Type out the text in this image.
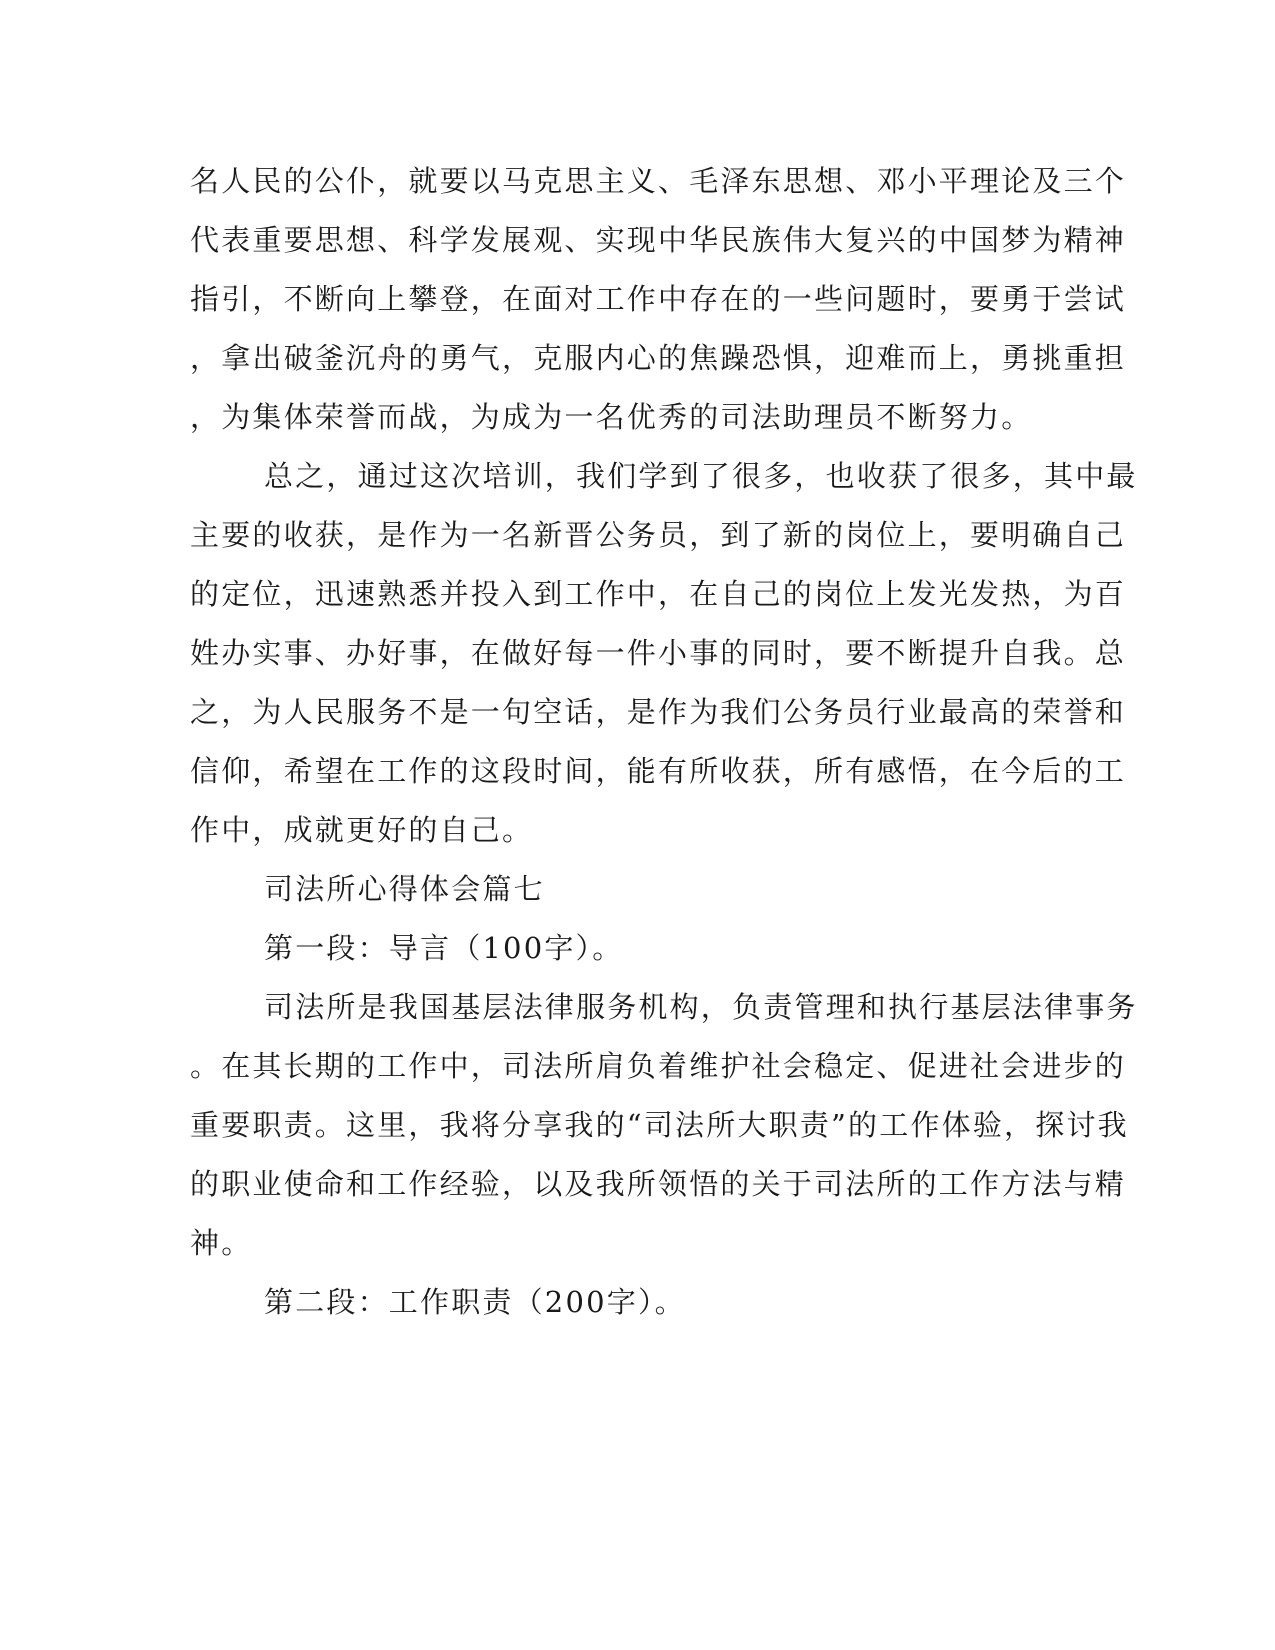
名人民的公仆，就要以马克思主义、毛泽东思想、邓小平理论及三个
代表重要思想、科学发展观、实现中华民族伟大复兴的中国梦为精神
指引，不断向上攀登，在面对工作中存在的一些问题时，要勇于尝试
，拿出破釜沉舟的勇气，克服内心的焦躁恐惧，迎难而上，勇挑重担
，为集体荣誉而战，为成为一名优秀的司法助理员不断努力。
总之，通过这次培训，我们学到了很多，也收获了很多，其中最
主要的收获，是作为一名新晋公务员，到了新的岗位上，要明确自己
的定位，迅速熟悉并投入到工作中，在自己的岗位上发光发热，为百
姓办实事、办好事，在做好每一件小事的同时，要不断提升自我。总
之，为人民服务不是一句空话，是作为我们公务员行业最高的荣誉和
信仰，希望在工作的这段时间，能有所收获，所有感悟，在今后的工
作中，成就更好的自己。
司法所心得体会篇七
第一段：导言（100字）。
司法所是我国基层法律服务机构，负责管理和执行基层法律事务
。在其长期的工作中，司法所肩负着维护社会稳定、促进社会进步的
重要职责。这里，我将分享我的“司法所大职责”的工作体验，探讨我
的职业使命和工作经验，以及我所领悟的关于司法所的工作方法与精
神。
第二段：工作职责（200字）。
